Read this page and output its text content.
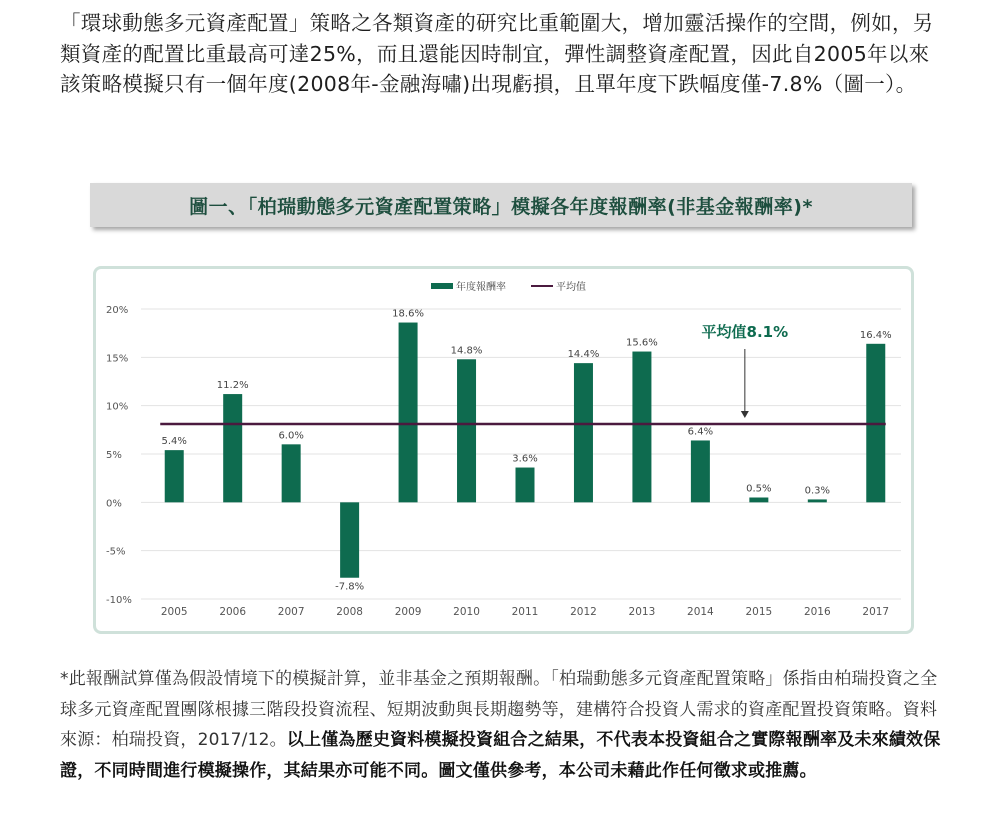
「環球動態多元資產配置」策略之各類資產的研究比重範圍大，增加靈活操作的空間，例如，另類資產的配置比重最高可達25%，而且還能因時制宜，彈性調整資產配置，因此自2005年以來該策略模擬只有一個年度(2008年-金融海嘯)出現虧損，且單年度下跌幅度僅-7.8%（圖一）。

圖一、「柏瑞動態多元資產配置策略」模擬各年度報酬率(非基金報酬率)*
20%
15%
10%
5%
0%
-5%
-10%
5.4%
2005
11.2%
2006
6.0%
2007
-7.8%
2008
18.6%
2009
14.8%
2010
3.6%
2011
14.4%
2012
15.6%
2013
6.4%
2014
0.5%
2015
0.3%
2016
16.4%
2017
平均值8.1%
年度報酬率	平均值

*此報酬試算僅為假設情境下的模擬計算，並非基金之預期報酬。「柏瑞動態多元資產配置策略」係指由柏瑞投資之全球多元資產配置團隊根據三階段投資流程、短期波動與長期趨勢等，建構符合投資人需求的資產配置投資策略。資料來源：柏瑞投資，2017/12。以上僅為歷史資料模擬投資組合之結果，不代表本投資組合之實際報酬率及未來績效保證，不同時間進行模擬操作，其結果亦可能不同。圖文僅供參考，本公司未藉此作任何徵求或推薦。
